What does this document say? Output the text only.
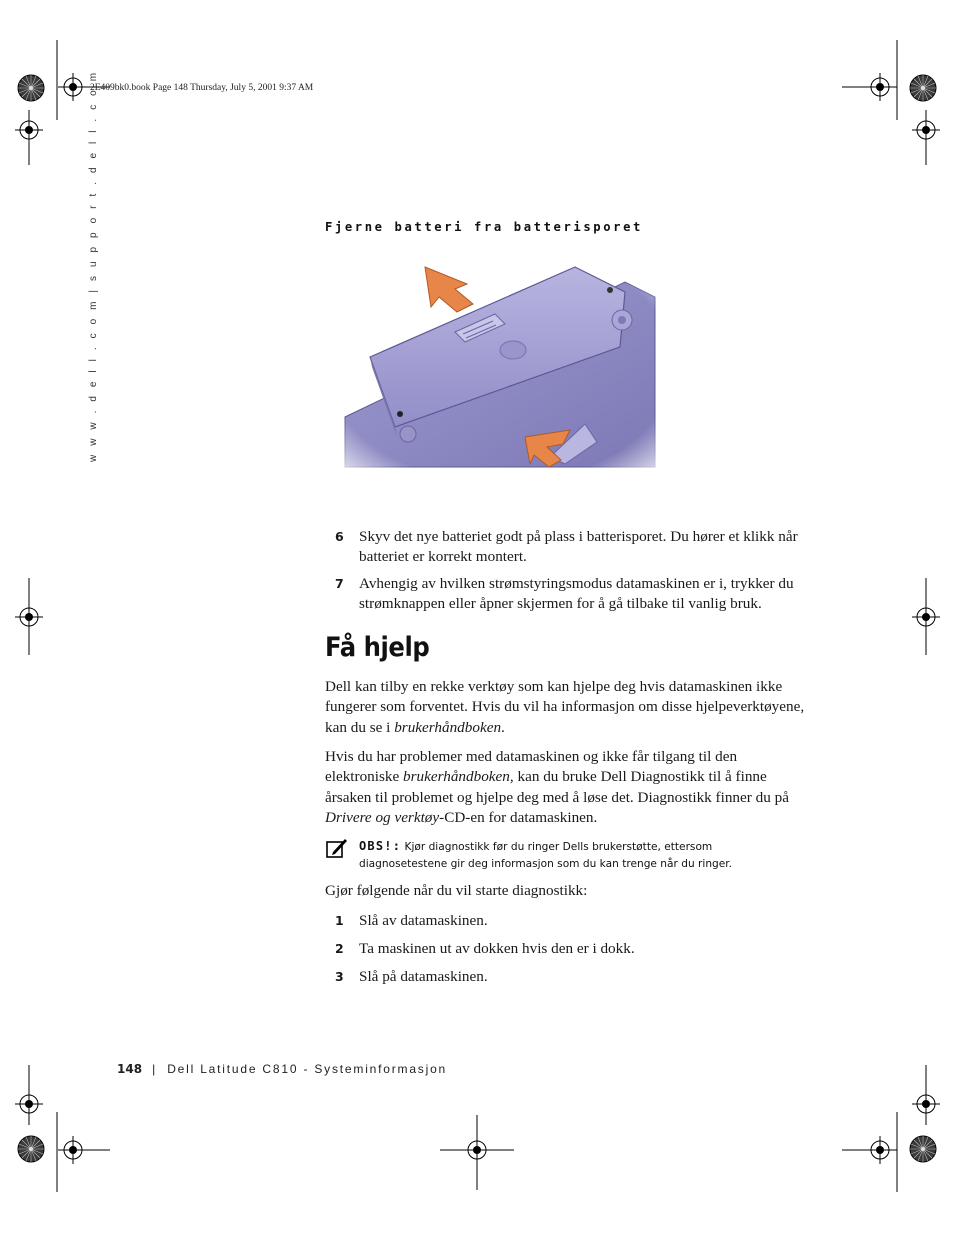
2E409bk0.book Page 148 Thursday, July 5, 2001 9:37 AM
w w w . d e l l . c o m | s u p p o r t . d e l l . c o m	Fjerne batteri fra batterisporet
6 Skyv det nye batteriet godt på plass i batterisporet. Du hører et klikk når batteriet er korrekt montert.
7 Avhengig av hvilken strømstyringsmodus datamaskinen er i, trykker du strømknappen eller åpner skjermen for å gå tilbake til vanlig bruk.
Få hjelp

Dell kan tilby en rekke verktøy som kan hjelpe deg hvis datamaskinen ikke fungerer som forventet. Hvis du vil ha informasjon om disse hjelpeverktøyene, kan du se i brukerhåndboken.

Hvis du har problemer med datamaskinen og ikke får tilgang til den elektroniske brukerhåndboken, kan du bruke Dell Diagnostikk til å finne årsaken til problemet og hjelpe deg med å løse det. Diagnostikk finner du på Drivere og verktøy-CD-en for datamaskinen.

OBS!: Kjør diagnostikk før du ringer Dells brukerstøtte, ettersom diagnosetestene gir deg informasjon som du kan trenge når du ringer.

Gjør følgende når du vil starte diagnostikk:

1 Slå av datamaskinen.
2 Ta maskinen ut av dokken hvis den er i dokk.
3 Slå på datamaskinen.
148 | Dell Latitude C810 - Systeminformasjon
